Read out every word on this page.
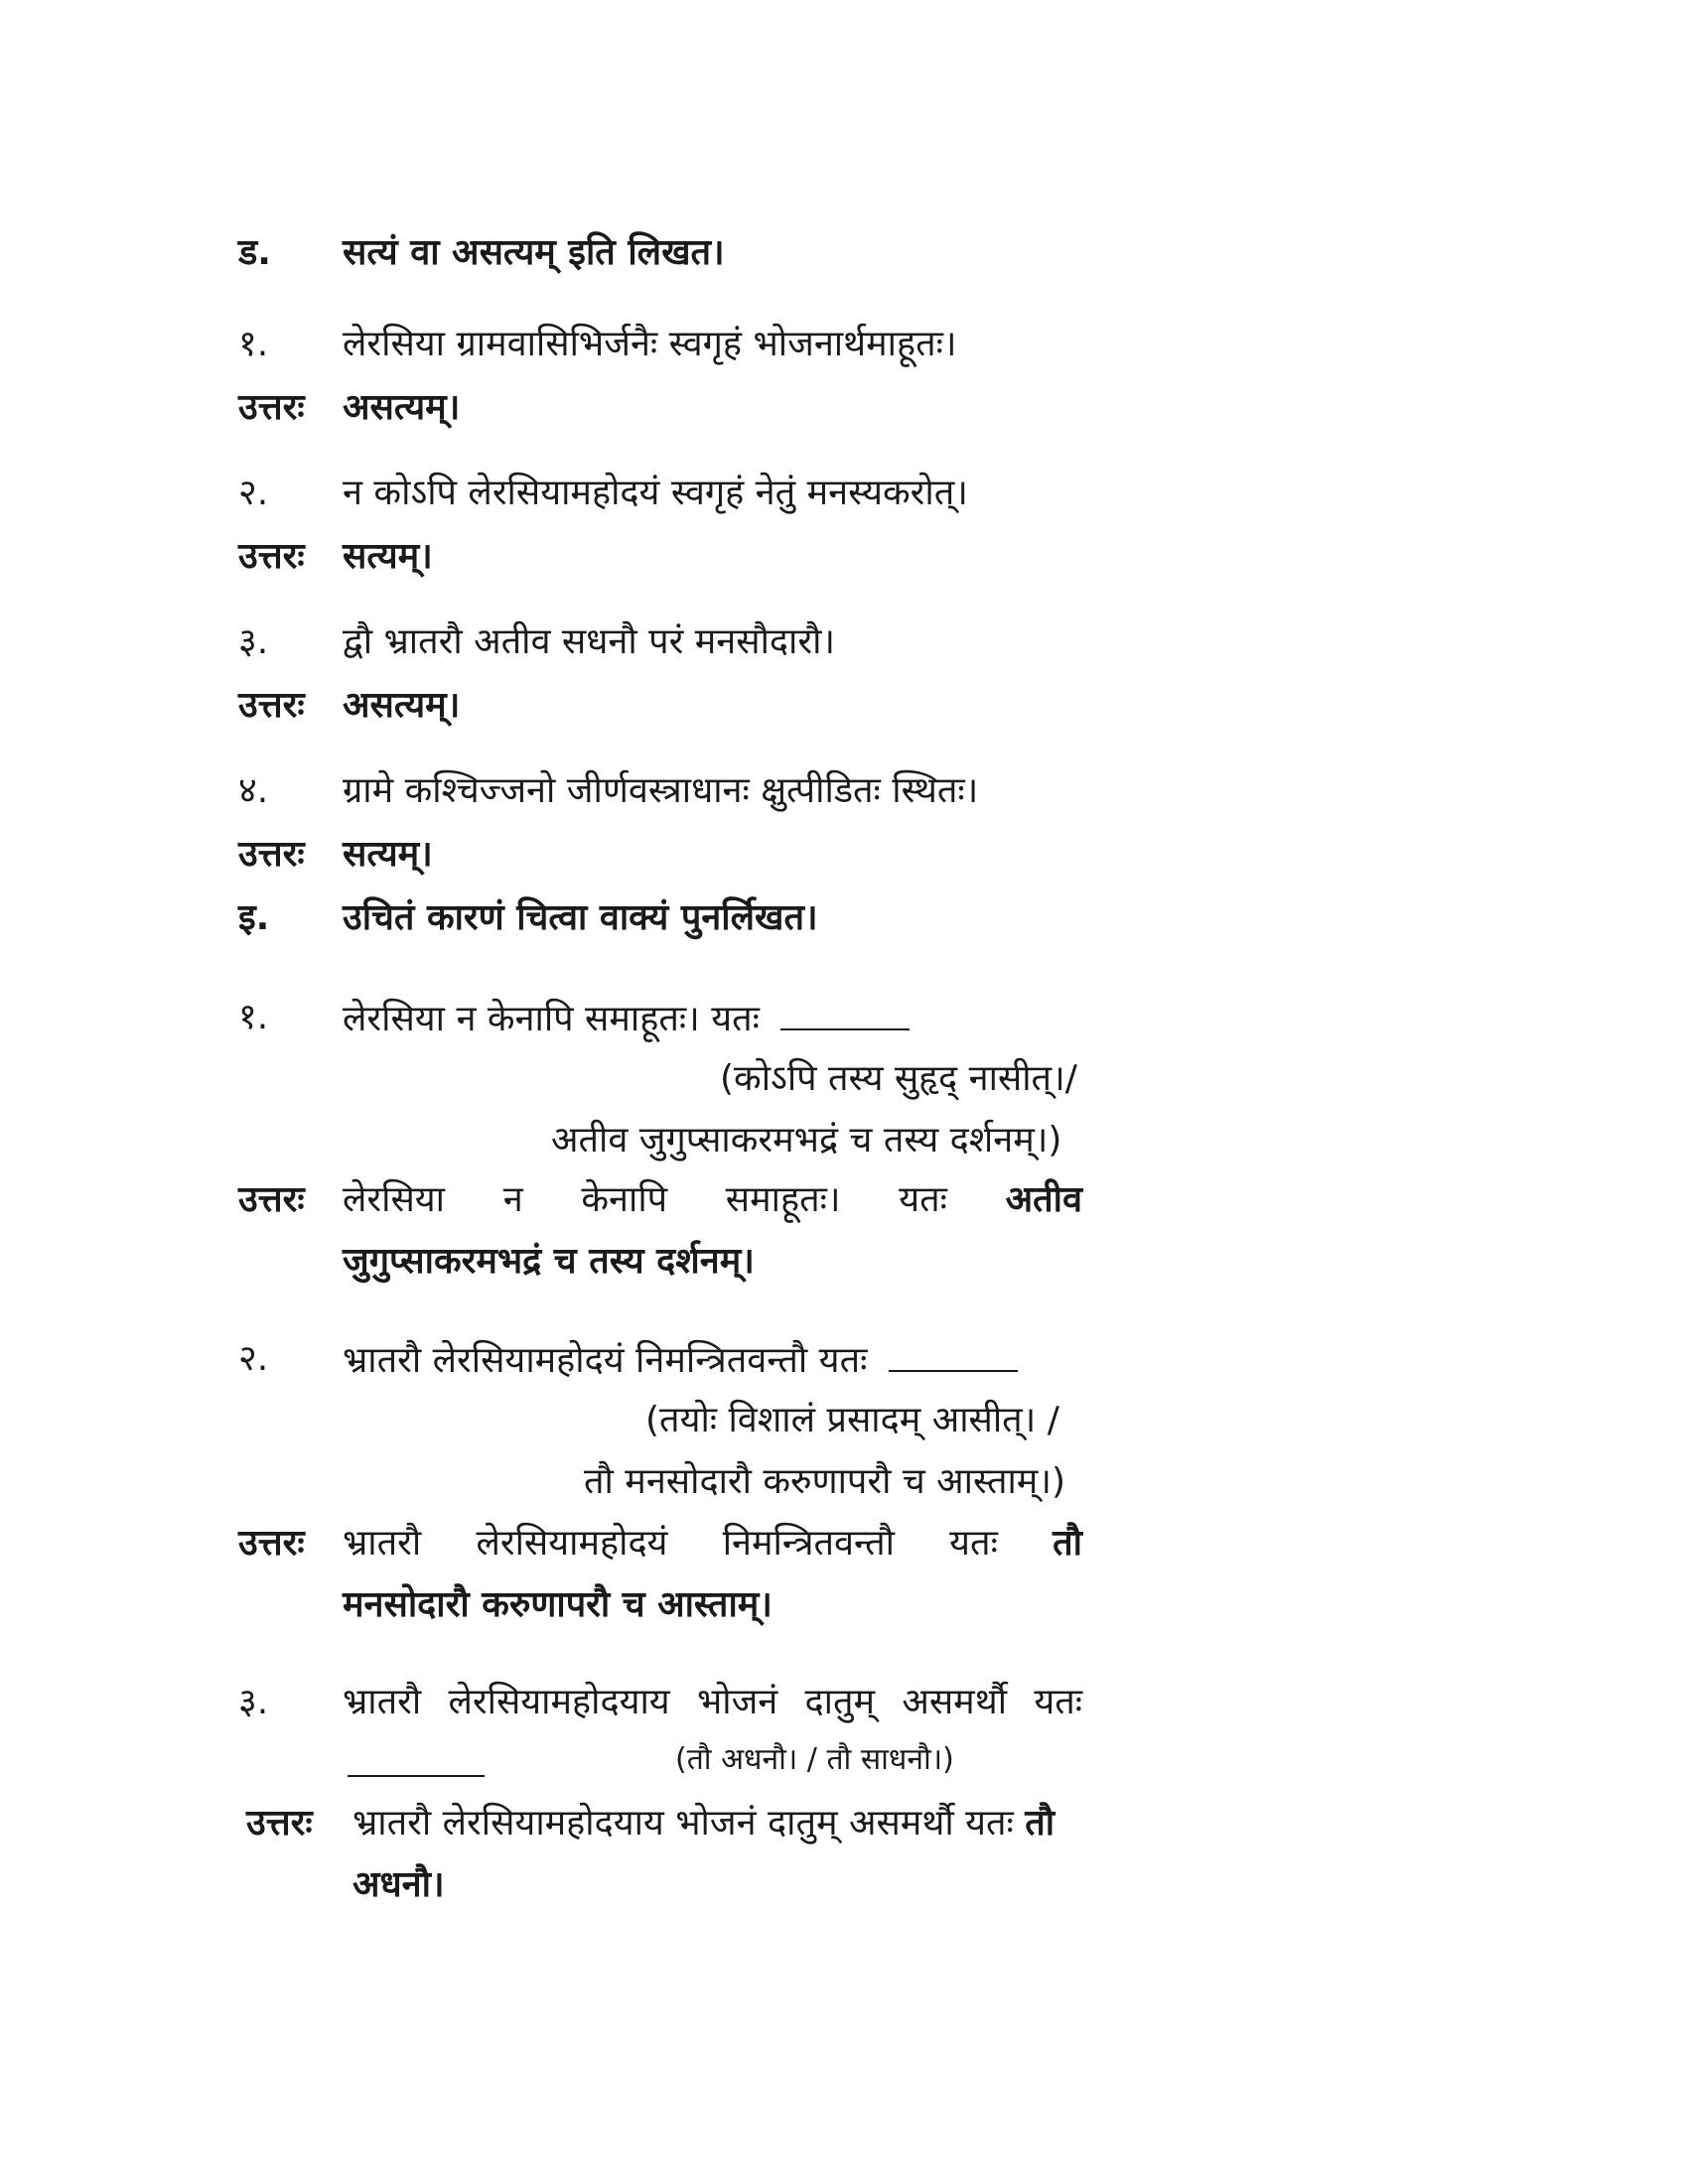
ड. सत्यं वा असत्यम् इति लिखत।
१. लेरसिया ग्रामवासिभिर्जनैः स्वगृहं भोजनार्थमाहूतः।
उत्तरः असत्यम्।
२. न कोऽपि लेरसियामहोदयं स्वगृहं नेतुं मनस्यकरोत्।
उत्तरः सत्यम्।
३. द्वौ भ्रातरौ अतीव सधनौ परं मनसौदारौ।
उत्तरः असत्यम्।
४. ग्रामे कश्चिज्जनो जीर्णवस्त्राधानः क्षुत्पीडितः स्थितः।
उत्तरः सत्यम्।
इ. उचितं कारणं चित्वा वाक्यं पुनर्लिखत।
१. लेरसिया न केनापि समाहूतः। यतः
(कोऽपि तस्य सुहृद् नासीत्।/
अतीव जुगुप्साकरमभद्रं च तस्य दर्शनम्।)
उत्तरः लेरसिया न केनापि समाहूतः। यतः अतीव
जुगुप्साकरमभद्रं च तस्य दर्शनम्।
२. भ्रातरौ लेरसियामहोदयं निमन्त्रितवन्तौ यतः
(तयोः विशालं प्रसादम् आसीत्। /
तौ मनसोदारौ करुणापरौ च आस्ताम्।)
उत्तरः भ्रातरौ लेरसियामहोदयं निमन्त्रितवन्तौ यतः तौ
मनसोदारौ करुणापरौ च आस्ताम्।
३. भ्रातरौ लेरसियामहोदयाय भोजनं दातुम् असमर्थौ यतः
(तौ अधनौ। / तौ साधनौ।)
उत्तरः भ्रातरौ लेरसियामहोदयाय भोजनं दातुम् असमर्थौ यतः तौ
अधनौ।
